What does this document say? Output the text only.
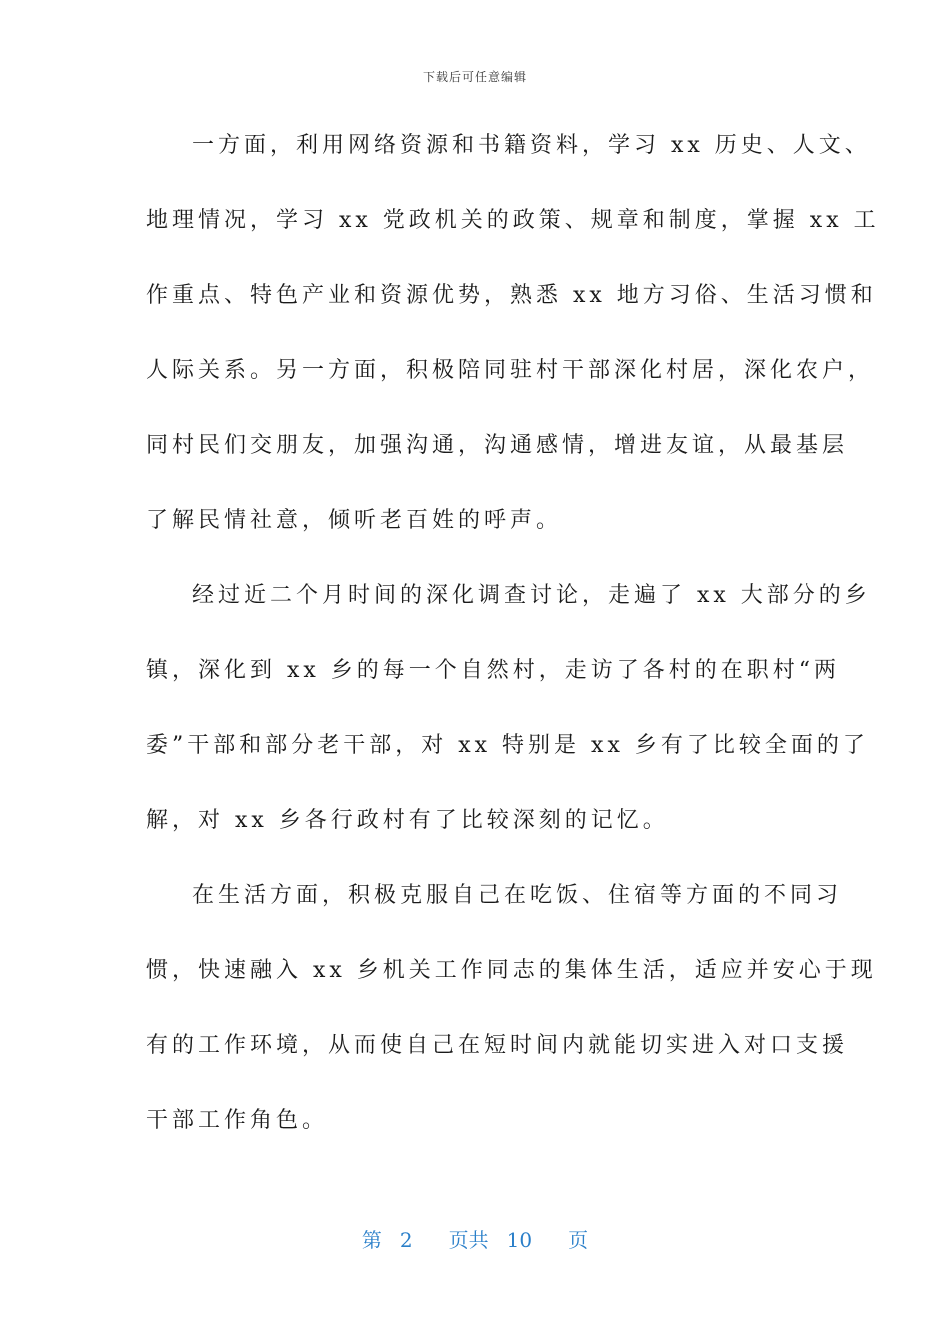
下载后可任意编辑
一方面，利用网络资源和书籍资料，学习 xx 历史、人文、
地理情况，学习 xx 党政机关的政策、规章和制度，掌握 xx 工
作重点、特色产业和资源优势，熟悉 xx 地方习俗、生活习惯和
人际关系。另一方面，积极陪同驻村干部深化村居，深化农户，
同村民们交朋友，加强沟通，沟通感情，增进友谊，从最基层
了解民情社意，倾听老百姓的呼声。
经过近二个月时间的深化调查讨论，走遍了 xx 大部分的乡
镇，深化到 xx 乡的每一个自然村，走访了各村的在职村“两
委”干部和部分老干部，对 xx 特别是 xx 乡有了比较全面的了
解，对 xx 乡各行政村有了比较深刻的记忆。
在生活方面，积极克服自己在吃饭、住宿等方面的不同习
惯，快速融入 xx 乡机关工作同志的集体生活，适应并安心于现
有的工作环境，从而使自己在短时间内就能切实进入对口支援
干部工作角色。
第 2 页共 10 页
